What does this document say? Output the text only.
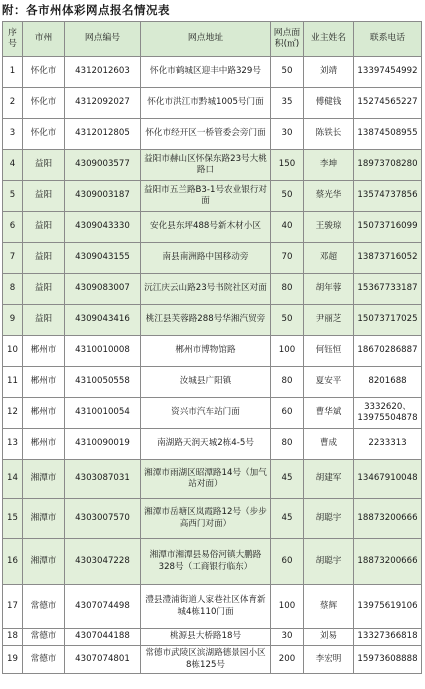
附：各市州体彩网点报名情况表
序号	市州	网点编号	网点地址	网点面积(㎡)	业主姓名	联系电话
1	怀化市	4312012603	怀化市鹤城区迎丰中路329号	50	刘靖	13397454992
2	怀化市	4312092027	怀化市洪江市黔城1005号门面	35	傅健钱	15274565227
3	怀化市	4312012805	怀化市经开区一桥管委会旁门面	30	陈铁长	13874508955
4	益阳	4309003577	益阳市赫山区怀保东路23号大桃路口	150	李坤	18973708280
5	益阳	4309003187	益阳市五兰路B3-1号农业银行对面	50	蔡光华	13574737856
6	益阳	4309043330	安化县东坪488号新木材小区	40	王骏琼	15073716099
7	益阳	4309043155	南县南洲路中国移动旁	70	邓超	13873716052
8	益阳	4309083007	沅江庆云山路23号书院社区对面	80	胡年蓉	15367733187
9	益阳	4309043416	桃江县芙蓉路288号华湘汽贸旁	50	尹丽芝	15073717025
10	郴州市	4310010008	郴州市博物馆路	100	何钰恒	18670286887
11	郴州市	4310050558	汝城县广阳镇	80	夏安平	8201688
12	郴州市	4310010054	资兴市汽车站门面	60	曹华斌	3332620、13975504878
13	郴州市	4310090019	南湖路天润天城2栋4-5号	80	曹成	2233313
14	湘潭市	4303087031	湘潭市雨湖区昭潭路14号（加气站对面）	45	胡建军	13467910048
15	湘潭市	4303007570	湘潭市岳塘区岚霞路12号（步步高西门对面）	45	胡聪宇	18873200666
16	湘潭市	4303047228	湘潭市湘潭县易俗河镇大鹏路328号（工商银行临东）	60	胡聪宇	18873200666
17	常德市	4307074498	澧县澧浦街道人家巷社区体育新城4栋110门面	100	蔡辉	13975619106
18	常德市	4307044188	桃源县大桥路18号	30	刘易	13327366818
19	常德市	4307074801	常德市武陵区滨湖路德景园小区8栋125号	200	李宏明	15973608888
